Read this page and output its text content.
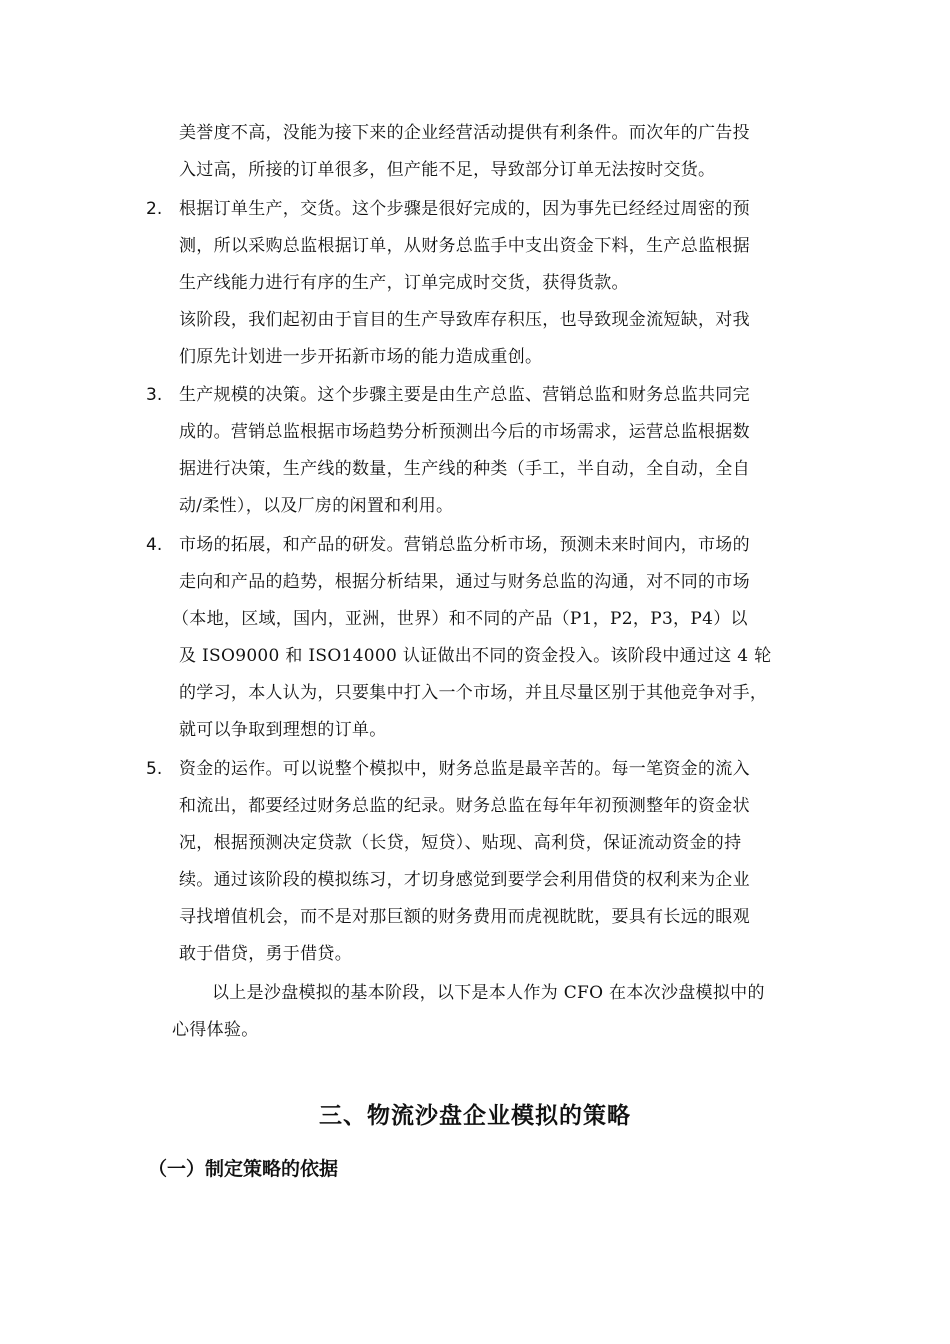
美誉度不高，没能为接下来的企业经营活动提供有利条件。而次年的广告投
入过高，所接的订单很多，但产能不足，导致部分订单无法按时交货。
2. 根据订单生产，交货。这个步骤是很好完成的，因为事先已经经过周密的预
测，所以采购总监根据订单，从财务总监手中支出资金下料，生产总监根据
生产线能力进行有序的生产，订单完成时交货，获得货款。
该阶段，我们起初由于盲目的生产导致库存积压，也导致现金流短缺，对我
们原先计划进一步开拓新市场的能力造成重创。
3. 生产规模的决策。这个步骤主要是由生产总监、营销总监和财务总监共同完
成的。营销总监根据市场趋势分析预测出今后的市场需求，运营总监根据数
据进行决策，生产线的数量，生产线的种类（手工，半自动，全自动，全自
动/柔性），以及厂房的闲置和利用。
4. 市场的拓展，和产品的研发。营销总监分析市场，预测未来时间内，市场的
走向和产品的趋势，根据分析结果，通过与财务总监的沟通，对不同的市场
（本地，区域，国内，亚洲，世界）和不同的产品（P1，P2，P3，P4）以
及 ISO9000 和 ISO14000 认证做出不同的资金投入。该阶段中通过这 4 轮
的学习，本人认为，只要集中打入一个市场，并且尽量区别于其他竞争对手，
就可以争取到理想的订单。
5. 资金的运作。可以说整个模拟中，财务总监是最辛苦的。每一笔资金的流入
和流出，都要经过财务总监的纪录。财务总监在每年年初预测整年的资金状
况，根据预测决定贷款（长贷，短贷）、贴现、高利贷，保证流动资金的持
续。通过该阶段的模拟练习，才切身感觉到要学会利用借贷的权利来为企业
寻找增值机会，而不是对那巨额的财务费用而虎视眈眈，要具有长远的眼观
敢于借贷，勇于借贷。
以上是沙盘模拟的基本阶段，以下是本人作为 CFO 在本次沙盘模拟中的
心得体验。
三、物流沙盘企业模拟的策略
（一）制定策略的依据
